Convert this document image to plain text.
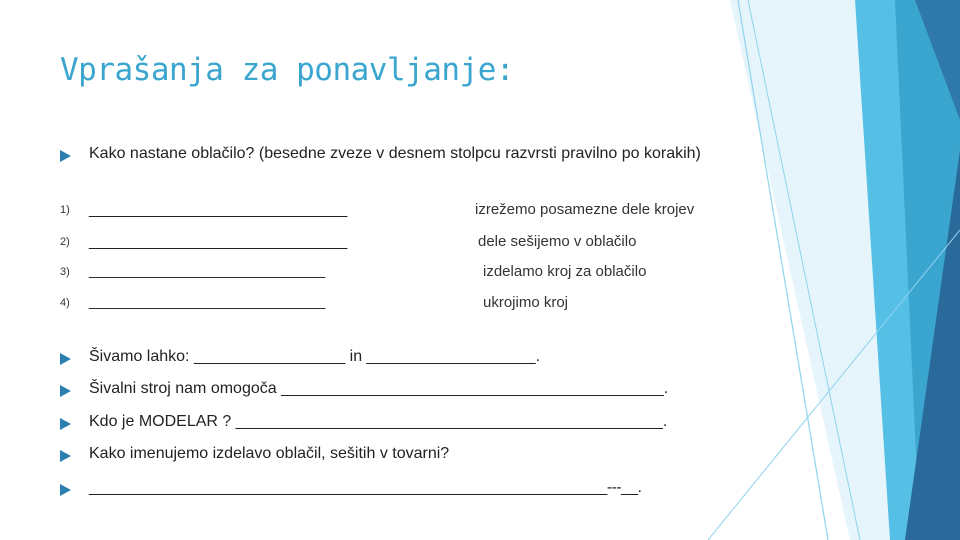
Vprašanja za ponavljanje:
Kako nastane oblačilo? (besedne zveze v desnem stolpcu razvrsti pravilno po korakih)
1) ______________________________	izrežemo posamezne dele krojev
2) ______________________________	dele sešijemo v oblačilo
3) ______________________________	izdelamo kroj za oblačilo
4) ______________________________	ukrojimo kroj
Šivamo lahko: _________________ in ___________________.
Šivalni stroj nam omogoča ___________________________________________.
Kdo je MODELAR ? ________________________________________________.
Kako imenujemo izdelavo oblačil, sešitih v tovarni?
_______________________________________________________________---__.
